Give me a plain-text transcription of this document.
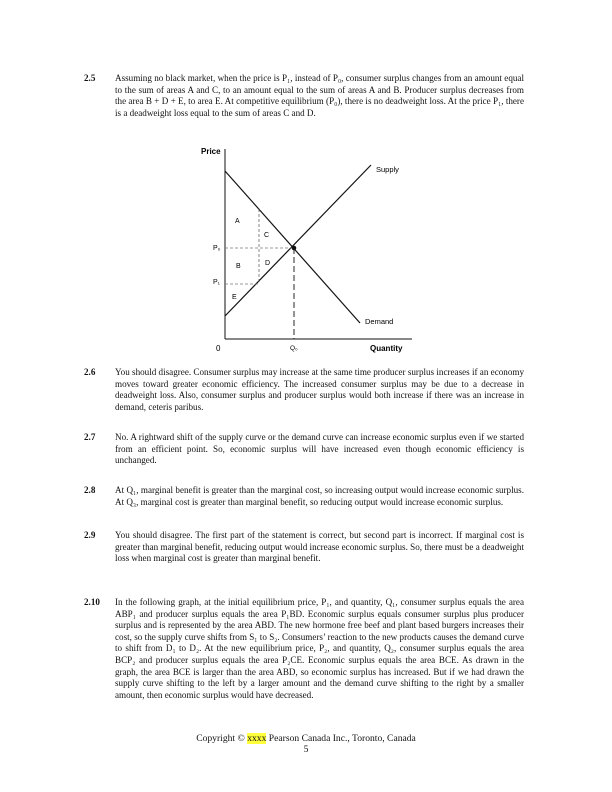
2.5	Assuming no black market, when the price is P₁, instead of P₀, consumer surplus changes from an amount equal to the sum of areas A and C, to an amount equal to the sum of areas A and B. Producer surplus decreases from the area B + D + E, to area E. At competitive equilibrium (P₀), there is no deadweight loss. At the price P₁, there is a deadweight loss equal to the sum of areas C and D.
Price
0	Quantity
Supply
Demand
P₀
P₁
Q₀
A
C
B	D
E
2.6	You should disagree. Consumer surplus may increase at the same time producer surplus increases if an economy moves toward greater economic efficiency. The increased consumer surplus may be due to a decrease in deadweight loss. Also, consumer surplus and producer surplus would both increase if there was an increase in demand, ceteris paribus.
2.7	No. A rightward shift of the supply curve or the demand curve can increase economic surplus even if we started from an efficient point. So, economic surplus will have increased even though economic efficiency is unchanged.
2.8	At Q₁, marginal benefit is greater than the marginal cost, so increasing output would increase economic surplus. At Q₃, marginal cost is greater than marginal benefit, so reducing output would increase economic surplus.
2.9	You should disagree. The first part of the statement is correct, but second part is incorrect. If marginal cost is greater than marginal benefit, reducing output would increase economic surplus. So, there must be a deadweight loss when marginal cost is greater than marginal benefit.
2.10	In the following graph, at the initial equilibrium price, P₁, and quantity, Q₁, consumer surplus equals the area ABP₁ and producer surplus equals the area P₁BD. Economic surplus equals consumer surplus plus producer surplus and is represented by the area ABD. The new hormone free beef and plant based burgers increases their cost, so the supply curve shifts from S₁ to S₂. Consumers’ reaction to the new products causes the demand curve to shift from D₁ to D₂. At the new equilibrium price, P₂, and quantity, Q₂, consumer surplus equals the area BCP₂ and producer surplus equals the area P₂CE. Economic surplus equals the area BCE. As drawn in the graph, the area BCE is larger than the area ABD, so economic surplus has increased. But if we had drawn the supply curve shifting to the left by a larger amount and the demand curve shifting to the right by a smaller amount, then economic surplus would have decreased.
Copyright © xxxx Pearson Canada Inc., Toronto, Canada
5
